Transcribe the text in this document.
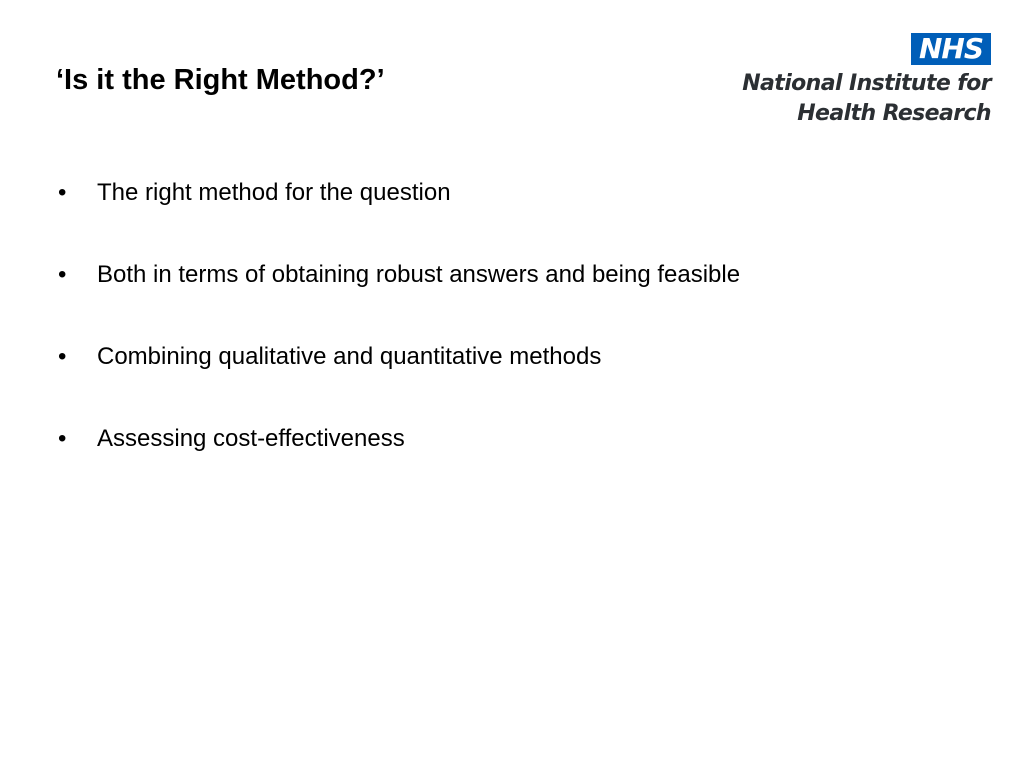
‘Is it the Right Method?’
NHS
National Institute for
Health Research
• The right method for the question
• Both in terms of obtaining robust answers and being feasible
• Combining qualitative and quantitative methods
• Assessing cost-effectiveness
